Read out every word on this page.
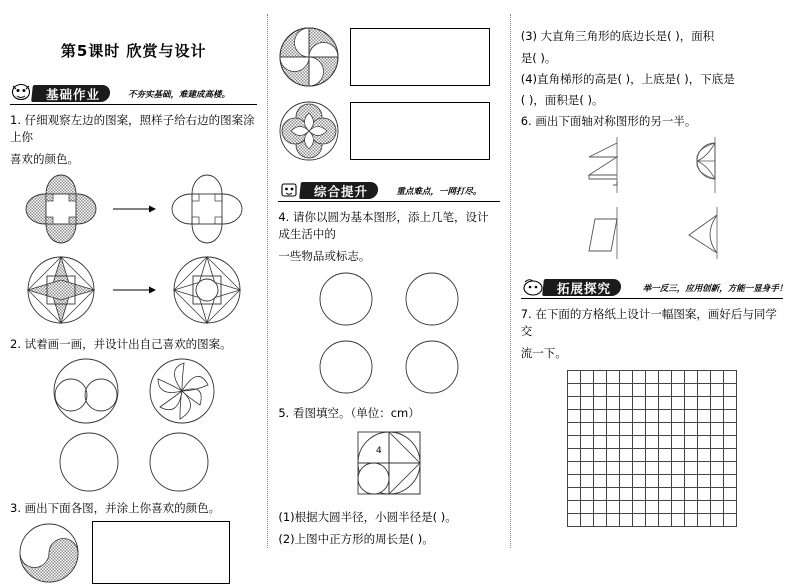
第5课时 欣赏与设计
基础作业	不夯实基础，难建成高楼。
1. 仔细观察左边的图案，照样子给右边的图案涂上你
喜欢的颜色。
2. 试着画一画，并设计出自己喜欢的图案。
3. 画出下面各图，并涂上你喜欢的颜色。
综合提升	重点难点，一网打尽。
4. 请你以圆为基本图形，添上几笔，设计成生活中的
一些物品或标志。
5. 看图填空。（单位：cm）
4
(1)根据大圆半径，小圆半径是( )。
(2)上图中正方形的周长是( )。
(3) 大直角三角形的底边长是( )，面积
是( )。
(4)直角梯形的高是( )，上底是( )，下底是
( )，面积是( )。
6. 画出下面轴对称图形的另一半。
拓展探究	举一反三，应用创新，方能一显身手！
7. 在下面的方格纸上设计一幅图案，画好后与同学交
流一下。
